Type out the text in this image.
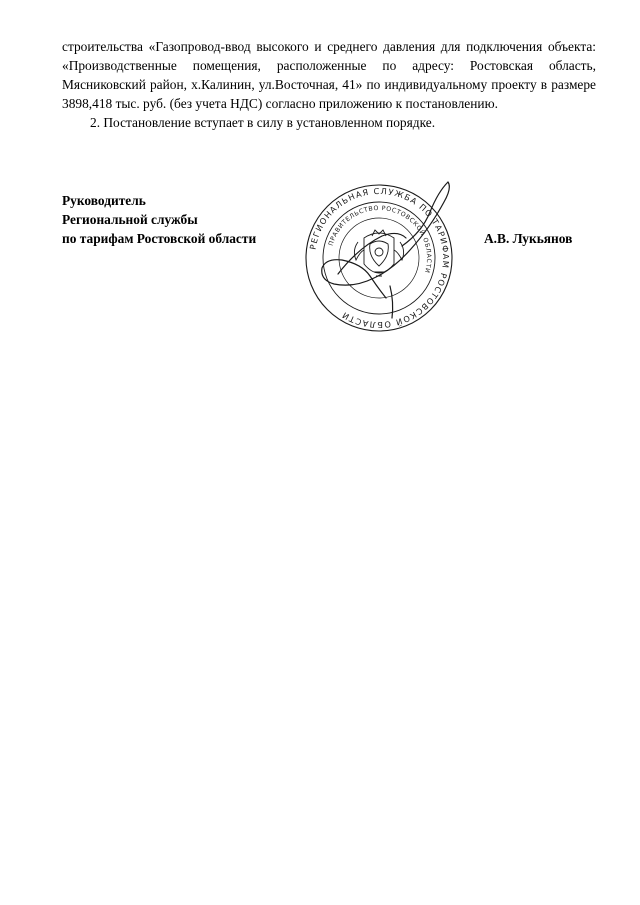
строительства «Газопровод-ввод высокого и среднего давления для подключения объекта: «Производственные помещения, расположенные по адресу: Ростовская область, Мясниковский район, х.Калинин, ул.Восточная, 41» по индивидуальному проекту в размере 3898,418 тыс. руб. (без учета НДС) согласно приложению к постановлению.

2. Постановление вступает в силу в установленном порядке.

Руководитель
Региональной службы
по тарифам Ростовской области	А.В. Лукьянов
РЕГИОНАЛЬНАЯ СЛУЖБА ПО ТАРИФАМ РОСТОВСКОЙ ОБЛАСТИ
ПРАВИТЕЛЬСТВО РОСТОВСКОЙ ОБЛАСТИ
